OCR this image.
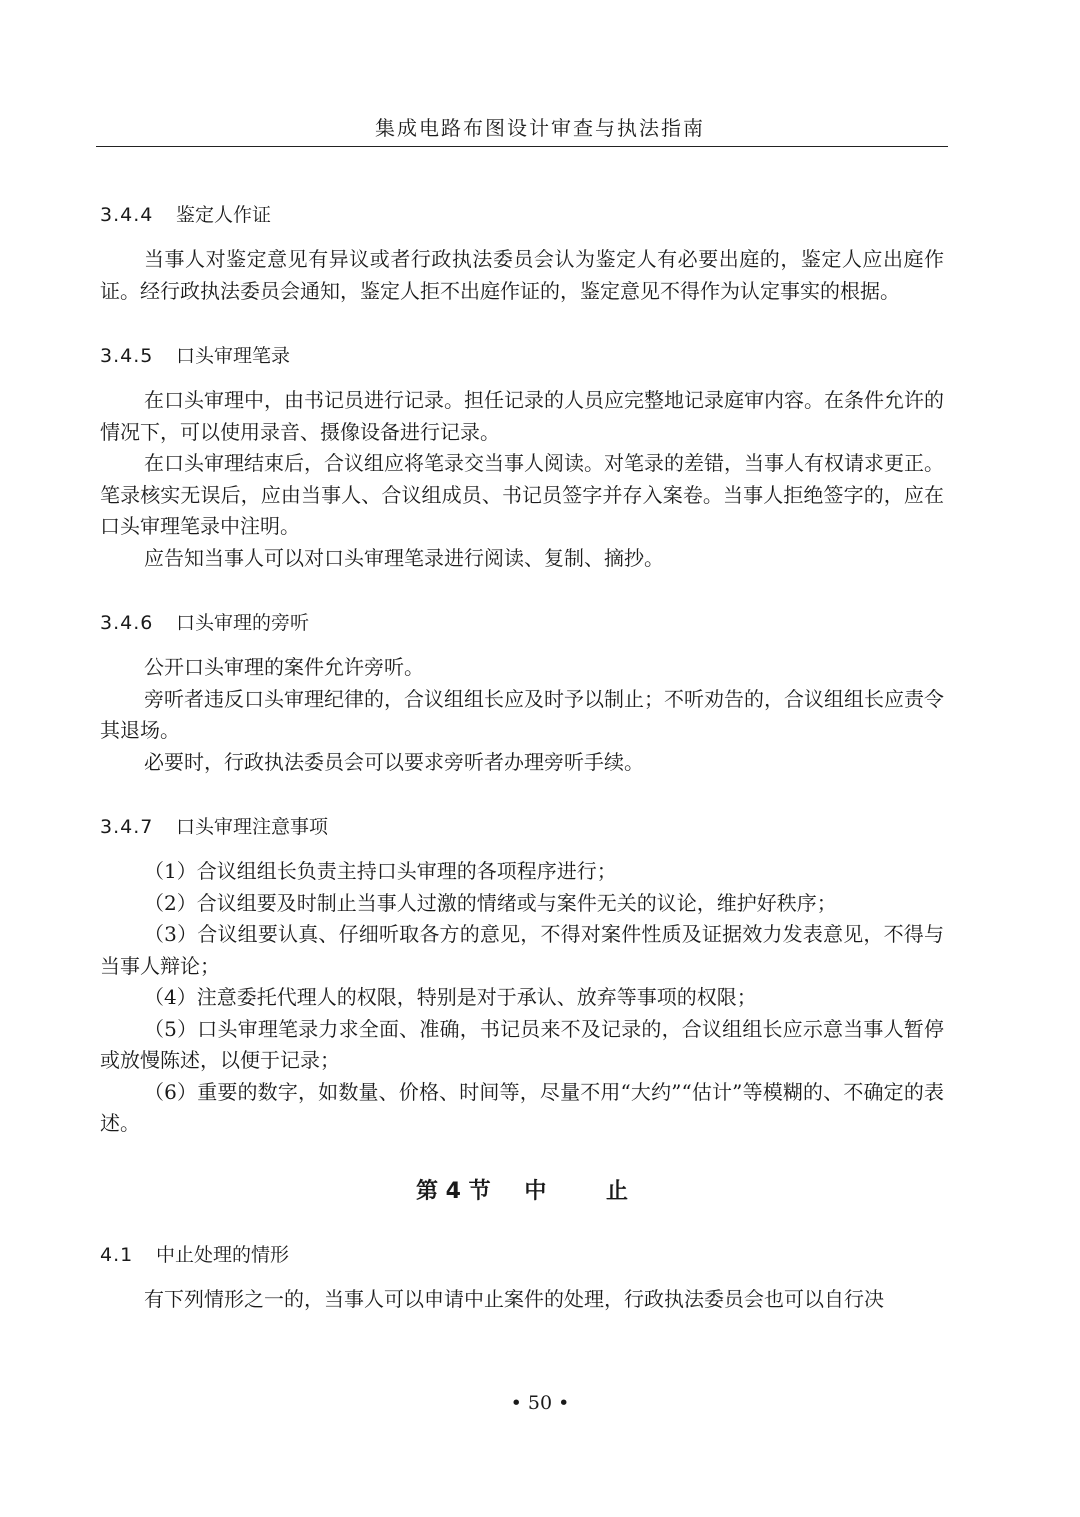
集成电路布图设计审查与执法指南
3.4.4 鉴定人作证

当事人对鉴定意见有异议或者行政执法委员会认为鉴定人有必要出庭的，鉴定人应出庭作证。经行政执法委员会通知，鉴定人拒不出庭作证的，鉴定意见不得作为认定事实的根据。

3.4.5 口头审理笔录

在口头审理中，由书记员进行记录。担任记录的人员应完整地记录庭审内容。在条件允许的情况下，可以使用录音、摄像设备进行记录。

在口头审理结束后，合议组应将笔录交当事人阅读。对笔录的差错，当事人有权请求更正。笔录核实无误后，应由当事人、合议组成员、书记员签字并存入案卷。当事人拒绝签字的，应在口头审理笔录中注明。

应告知当事人可以对口头审理笔录进行阅读、复制、摘抄。

3.4.6 口头审理的旁听

公开口头审理的案件允许旁听。

旁听者违反口头审理纪律的，合议组组长应及时予以制止；不听劝告的，合议组组长应责令其退场。

必要时，行政执法委员会可以要求旁听者办理旁听手续。

3.4.7 口头审理注意事项

（1）合议组组长负责主持口头审理的各项程序进行；

（2）合议组要及时制止当事人过激的情绪或与案件无关的议论，维护好秩序；

（3）合议组要认真、仔细听取各方的意见，不得对案件性质及证据效力发表意见，不得与当事人辩论；

（4）注意委托代理人的权限，特别是对于承认、放弃等事项的权限；

（5）口头审理笔录力求全面、准确，书记员来不及记录的，合议组组长应示意当事人暂停或放慢陈述，以便于记录；

（6）重要的数字，如数量、价格、时间等，尽量不用“大约”“估计”等模糊的、不确定的表述。

第 4 节 中	止
4.1 中止处理的情形

有下列情形之一的，当事人可以申请中止案件的处理，行政执法委员会也可以自行决

• 50 •
